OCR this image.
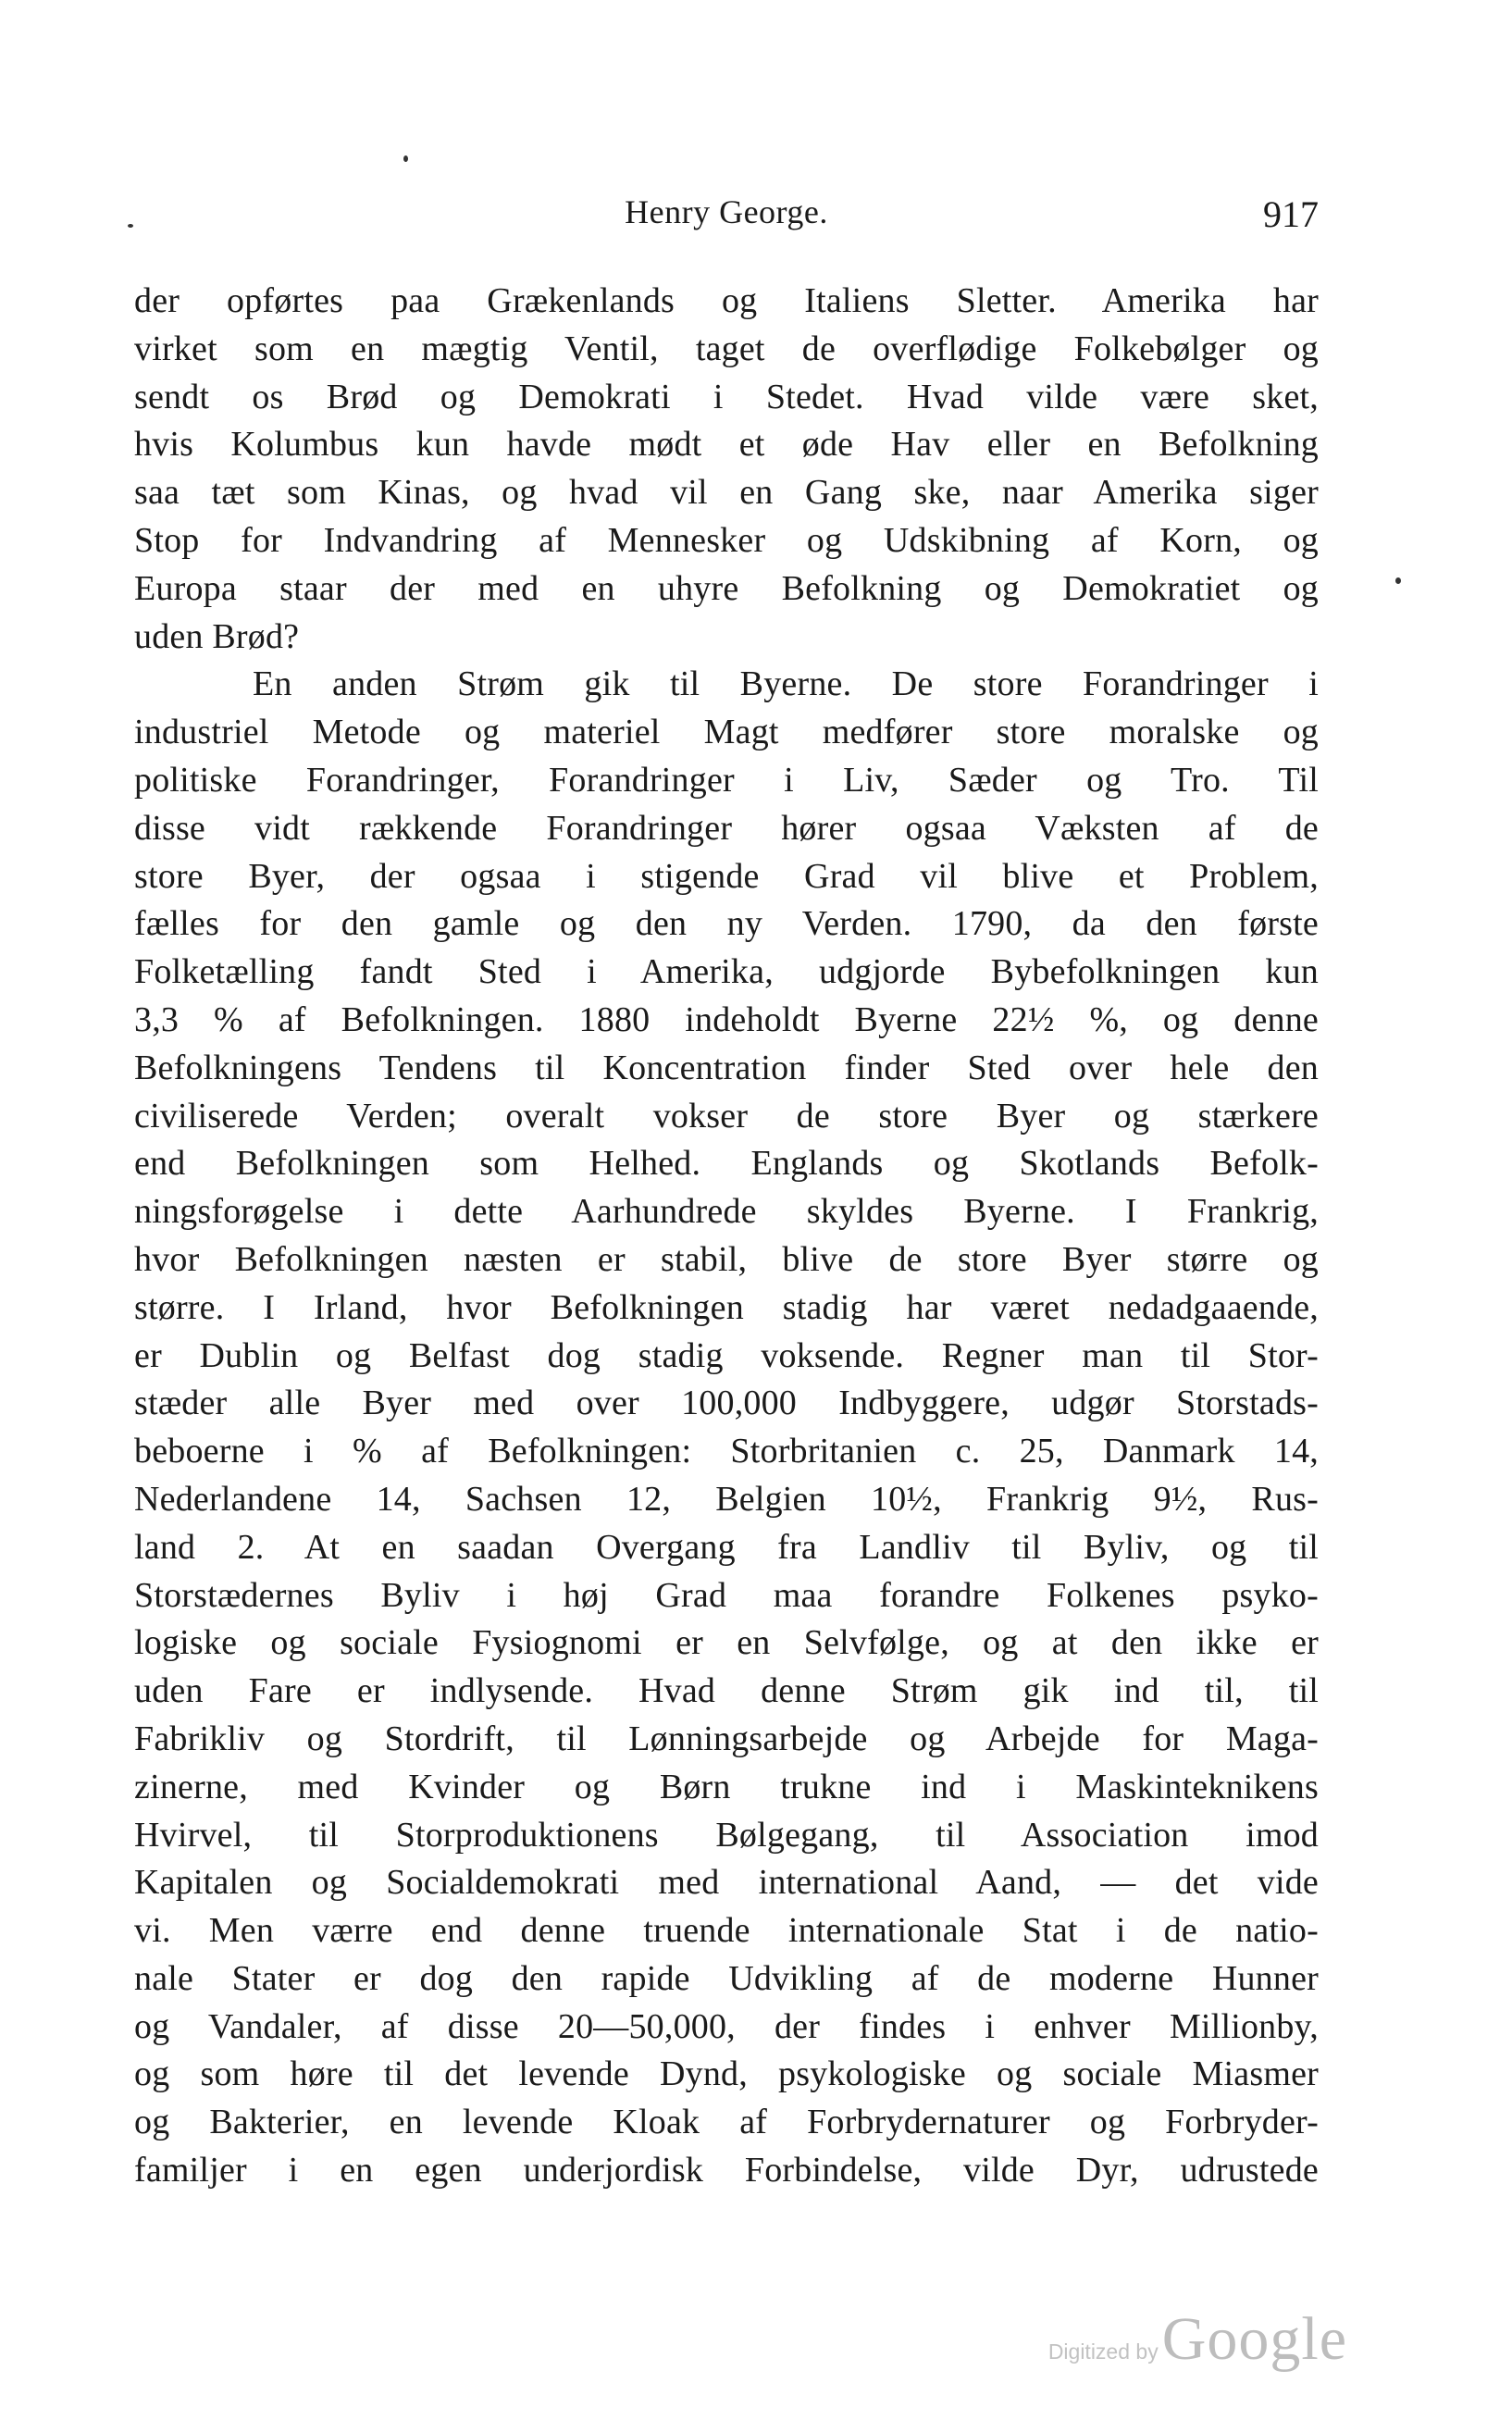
Henry George.	917
der opførtes paa Grækenlands og Italiens Sletter. Amerika har
virket som en mægtig Ventil, taget de overflødige Folkebølger og
sendt os Brød og Demokrati i Stedet. Hvad vilde være sket,
hvis Kolumbus kun havde mødt et øde Hav eller en Befolkning
saa tæt som Kinas, og hvad vil en Gang ske, naar Amerika siger
Stop for Indvandring af Mennesker og Udskibning af Korn, og
Europa staar der med en uhyre Befolkning og Demokratiet og
uden Brød?
En anden Strøm gik til Byerne. De store Forandringer i
industriel Metode og materiel Magt medfører store moralske og
politiske Forandringer, Forandringer i Liv, Sæder og Tro. Til
disse vidt rækkende Forandringer hører ogsaa Væksten af de
store Byer, der ogsaa i stigende Grad vil blive et Problem,
fælles for den gamle og den ny Verden. 1790, da den første
Folketælling fandt Sted i Amerika, udgjorde Bybefolkningen kun
3,3 % af Befolkningen. 1880 indeholdt Byerne 22½ %, og denne
Befolkningens Tendens til Koncentration finder Sted over hele den
civiliserede Verden; overalt vokser de store Byer og stærkere
end Befolkningen som Helhed. Englands og Skotlands Befolk-
ningsforøgelse i dette Aarhundrede skyldes Byerne. I Frankrig,
hvor Befolkningen næsten er stabil, blive de store Byer større og
større. I Irland, hvor Befolkningen stadig har været nedadgaaende,
er Dublin og Belfast dog stadig voksende. Regner man til Stor-
stæder alle Byer med over 100,000 Indbyggere, udgør Storstads-
beboerne i % af Befolkningen: Storbritanien c. 25, Danmark 14,
Nederlandene 14, Sachsen 12, Belgien 10½, Frankrig 9½, Rus-
land 2. At en saadan Overgang fra Landliv til Byliv, og til
Storstædernes Byliv i høj Grad maa forandre Folkenes psyko-
logiske og sociale Fysiognomi er en Selvfølge, og at den ikke er
uden Fare er indlysende. Hvad denne Strøm gik ind til, til
Fabrikliv og Stordrift, til Lønningsarbejde og Arbejde for Maga-
zinerne, med Kvinder og Børn trukne ind i Maskinteknikens
Hvirvel, til Storproduktionens Bølgegang, til Association imod
Kapitalen og Socialdemokrati med international Aand, — det vide
vi. Men værre end denne truende internationale Stat i de natio-
nale Stater er dog den rapide Udvikling af de moderne Hunner
og Vandaler, af disse 20—50,000, der findes i enhver Millionby,
og som høre til det levende Dynd, psykologiske og sociale Miasmer
og Bakterier, en levende Kloak af Forbrydernaturer og Forbryder-
familjer i en egen underjordisk Forbindelse, vilde Dyr, udrustede
Digitized by Google
